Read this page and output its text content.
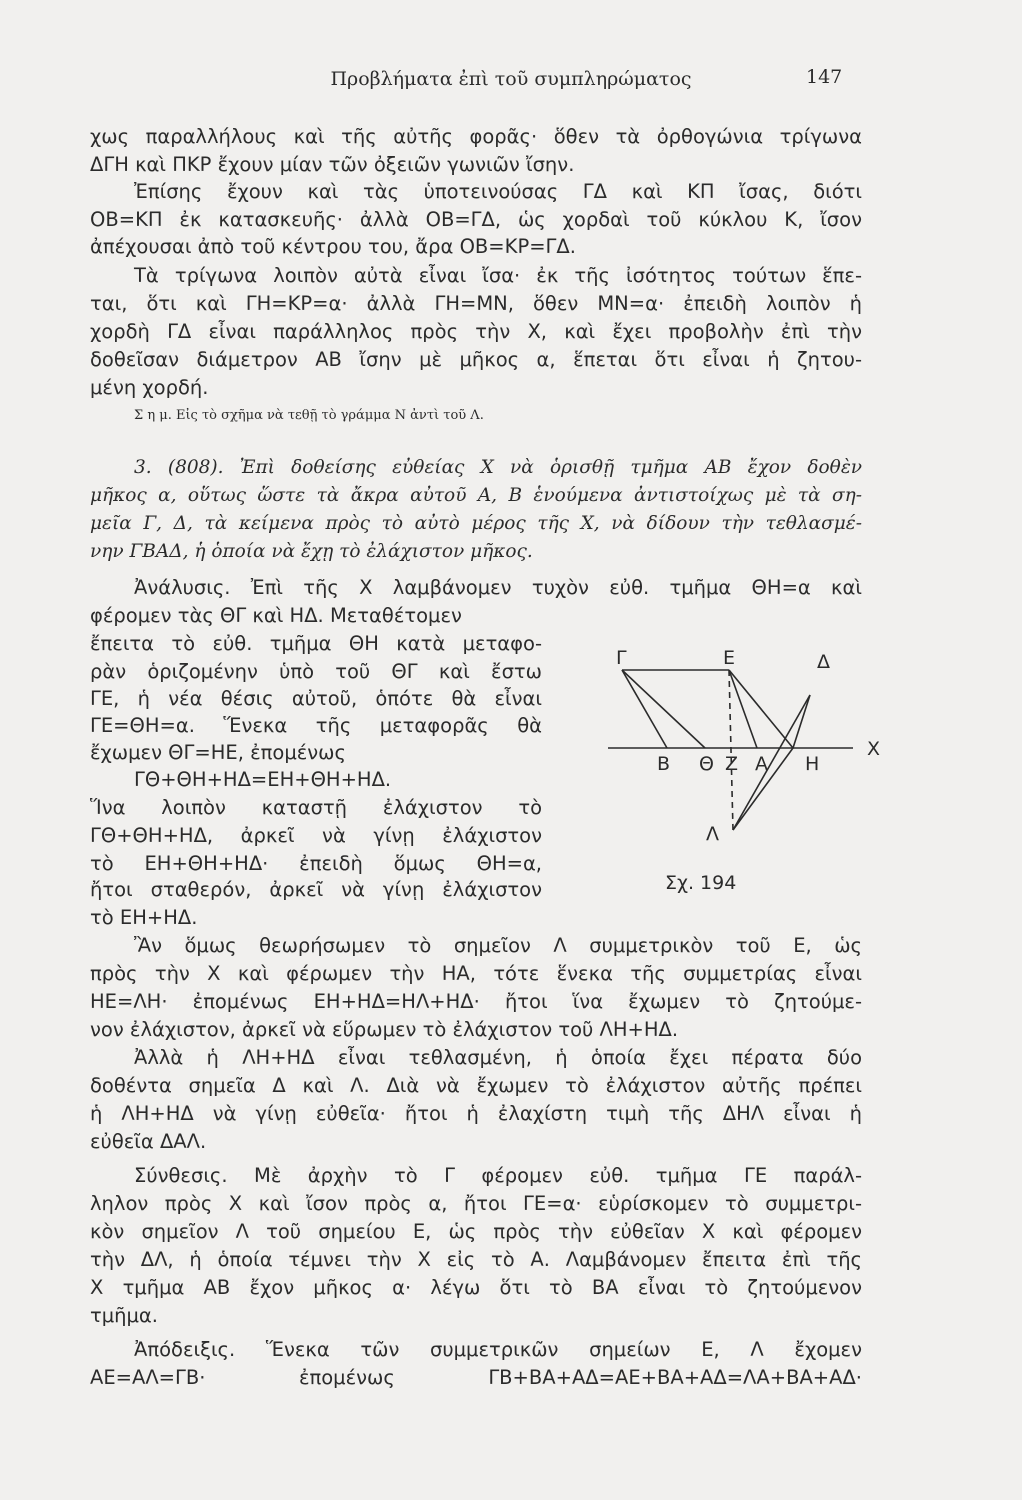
Προβλήματα ἐπὶ τοῦ συμπληρώματος	147
χως παραλλήλους καὶ τῆς αὐτῆς φορᾶς· ὅθεν τὰ ὀρθογώνια τρίγωνα
ΔΓΗ καὶ ΠΚΡ ἔχουν μίαν τῶν ὀξειῶν γωνιῶν ἴσην.
Ἐπίσης ἔχουν καὶ τὰς ὑποτεινούσας ΓΔ καὶ ΚΠ ἴσας, διότι
ΟΒ=ΚΠ ἐκ κατασκευῆς· ἀλλὰ ΟΒ=ΓΔ, ὡς χορδαὶ τοῦ κύκλου Κ, ἴσον
ἀπέχουσαι ἀπὸ τοῦ κέντρου του, ἄρα ΟΒ=ΚΡ=ΓΔ.
Τὰ τρίγωνα λοιπὸν αὐτὰ εἶναι ἴσα· ἐκ τῆς ἰσότητος τούτων ἕπε-
ται, ὅτι καὶ ΓΗ=ΚΡ=α· ἀλλὰ ΓΗ=ΜΝ, ὅθεν ΜΝ=α· ἐπειδὴ λοιπὸν ἡ
χορδὴ ΓΔ εἶναι παράλληλος πρὸς τὴν Χ, καὶ ἔχει προβολὴν ἐπὶ τὴν
δοθεῖσαν διάμετρον ΑΒ ἴσην μὲ μῆκος α, ἕπεται ὅτι εἶναι ἡ ζητου-
μένη χορδή.
Σ η μ. Εἰς τὸ σχῆμα νὰ τεθῇ τὸ γράμμα Ν ἀντὶ τοῦ Λ.
3. (808). Ἐπὶ δοθείσης εὐθείας Χ νὰ ὁρισθῇ τμῆμα ΑΒ ἔχον δοθὲν
μῆκος α, οὕτως ὥστε τὰ ἄκρα αὐτοῦ Α, Β ἑνούμενα ἀντιστοίχως μὲ τὰ ση-
μεῖα Γ, Δ, τὰ κείμενα πρὸς τὸ αὐτὸ μέρος τῆς Χ, νὰ δίδουν τὴν τεθλασμέ-
νην ΓΒΑΔ, ἡ ὁποία νὰ ἔχῃ τὸ ἐλάχιστον μῆκος.
Ἀνάλυσις. Ἐπὶ τῆς Χ λαμβάνομεν τυχὸν εὐθ. τμῆμα ΘΗ=α καὶ
φέρομεν τὰς ΘΓ καὶ ΗΔ. Μεταθέτομεν
ἔπειτα τὸ εὐθ. τμῆμα ΘΗ κατὰ μεταφο-
ρὰν ὁριζομένην ὑπὸ τοῦ ΘΓ καὶ ἔστω
ΓΕ, ἡ νέα θέσις αὐτοῦ, ὁπότε θὰ εἶναι
ΓΕ=ΘΗ=α. Ἕνεκα τῆς μεταφορᾶς θὰ
ἔχωμεν ΘΓ=ΗΕ, ἐπομένως
ΓΘ+ΘΗ+ΗΔ=ΕΗ+ΘΗ+ΗΔ.
Ἵνα λοιπὸν καταστῇ ἐλάχιστον τὸ
ΓΘ+ΘΗ+ΗΔ, ἀρκεῖ νὰ γίνῃ ἐλάχιστον
τὸ ΕΗ+ΘΗ+ΗΔ· ἐπειδὴ ὅμως ΘΗ=α,
ἤτοι σταθερόν, ἀρκεῖ νὰ γίνῃ ἐλάχιστον
τὸ ΕΗ+ΗΔ.
Ἂν ὅμως θεωρήσωμεν τὸ σημεῖον Λ συμμετρικὸν τοῦ Ε, ὡς
πρὸς τὴν Χ καὶ φέρωμεν τὴν ΗΑ, τότε ἕνεκα τῆς συμμετρίας εἶναι
ΗΕ=ΛΗ· ἐπομένως ΕΗ+ΗΔ=ΗΛ+ΗΔ· ἤτοι ἵνα ἔχωμεν τὸ ζητούμε-
νον ἐλάχιστον, ἀρκεῖ νὰ εὕρωμεν τὸ ἐλάχιστον τοῦ ΛΗ+ΗΔ.
Ἀλλὰ ἡ ΛΗ+ΗΔ εἶναι τεθλασμένη, ἡ ὁποία ἔχει πέρατα δύο
δοθέντα σημεῖα Δ καὶ Λ. Διὰ νὰ ἔχωμεν τὸ ἐλάχιστον αὐτῆς πρέπει
ἡ ΛΗ+ΗΔ νὰ γίνῃ εὐθεῖα· ἤτοι ἡ ἐλαχίστη τιμὴ τῆς ΔΗΛ εἶναι ἡ
εὐθεῖα ΔΑΛ.
Σύνθεσις. Μὲ ἀρχὴν τὸ Γ φέρομεν εὐθ. τμῆμα ΓΕ παράλ-
ληλον πρὸς Χ καὶ ἴσον πρὸς α, ἤτοι ΓΕ=α· εὑρίσκομεν τὸ συμμετρι-
κὸν σημεῖον Λ τοῦ σημείου Ε, ὡς πρὸς τὴν εὐθεῖαν Χ καὶ φέρομεν
τὴν ΔΛ, ἡ ὁποία τέμνει τὴν Χ εἰς τὸ Α. Λαμβάνομεν ἔπειτα ἐπὶ τῆς
Χ τμῆμα ΑΒ ἔχον μῆκος α· λέγω ὅτι τὸ ΒΑ εἶναι τὸ ζητούμενον
τμῆμα.
Ἀπόδειξις. Ἕνεκα τῶν συμμετρικῶν σημείων Ε, Λ ἔχομεν
ΑΕ=ΑΛ=ΓΒ· ἐπομένως ΓΒ+ΒΑ+ΑΔ=ΑΕ+ΒΑ+ΑΔ=ΛΑ+ΒΑ+ΑΔ·
Γ	Ε	Δ
X
Β Θ Ζ Α Η
Λ
Σχ. 194
